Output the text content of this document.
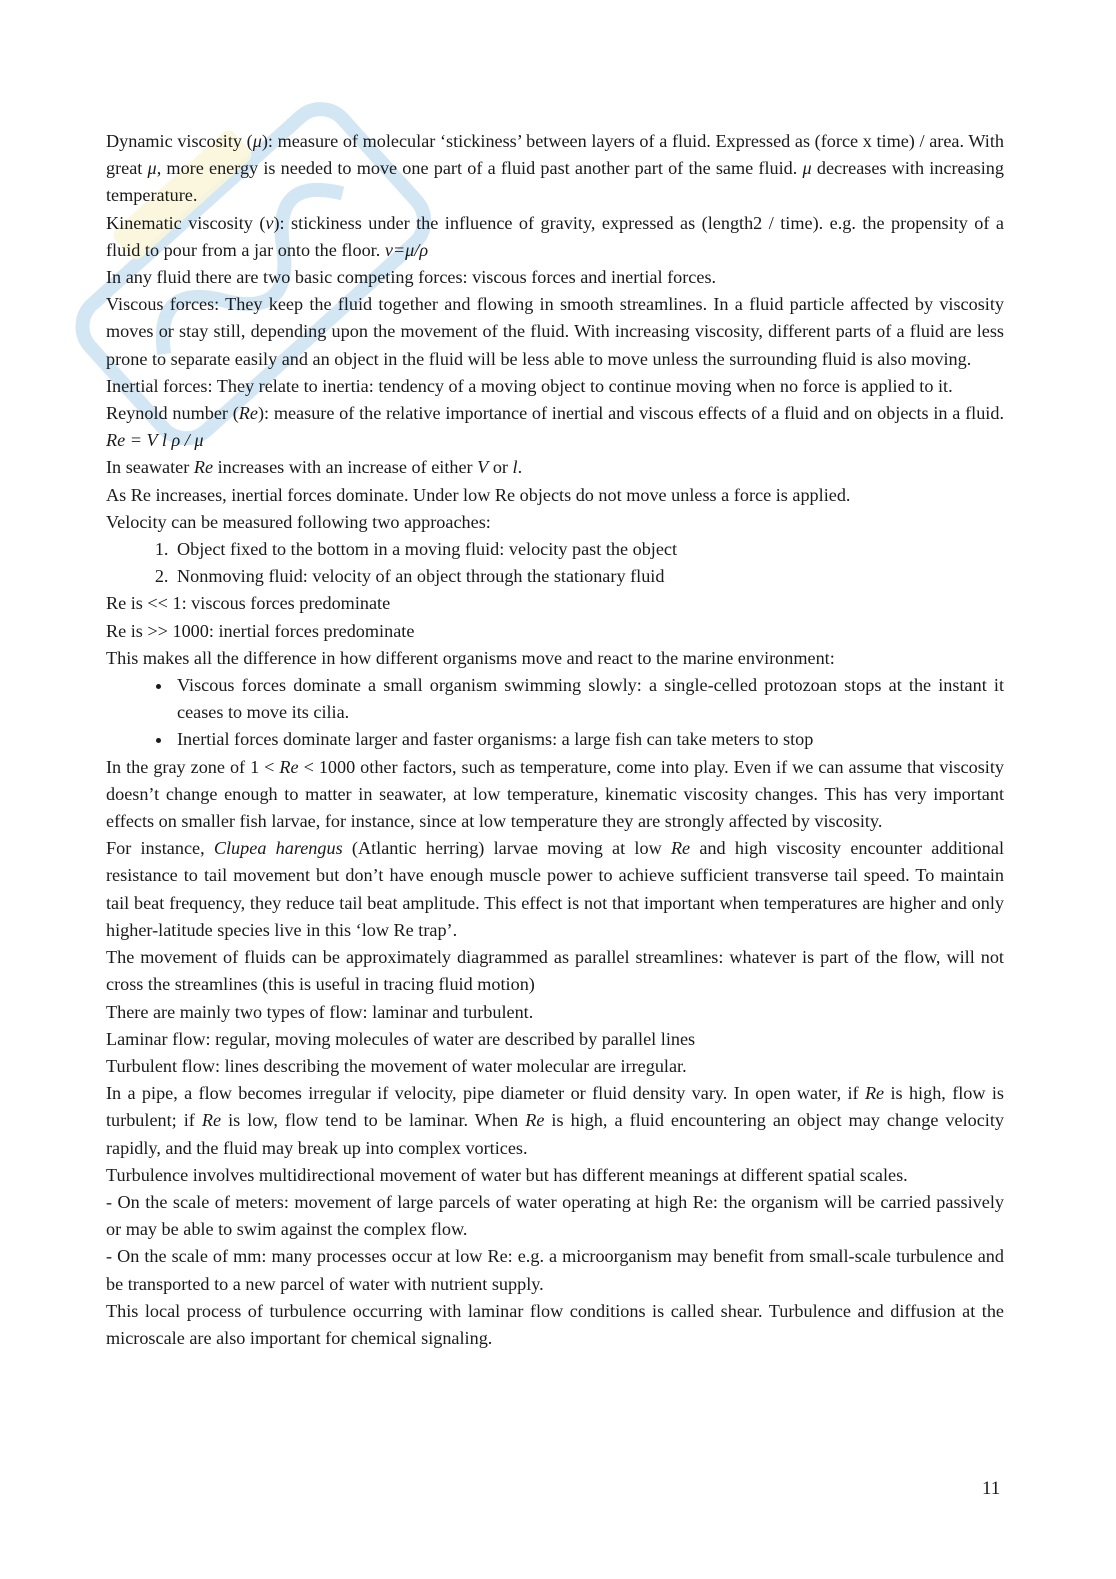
Dynamic viscosity (μ): measure of molecular ‘stickiness’ between layers of a fluid. Expressed as (force x time) / area. With great μ, more energy is needed to move one part of a fluid past another part of the same fluid. μ decreases with increasing temperature.

Kinematic viscosity (ν): stickiness under the influence of gravity, expressed as (length2 / time). e.g. the propensity of a fluid to pour from a jar onto the floor. ν=μ/ρ

In any fluid there are two basic competing forces: viscous forces and inertial forces.

Viscous forces: They keep the fluid together and flowing in smooth streamlines. In a fluid particle affected by viscosity moves or stay still, depending upon the movement of the fluid. With increasing viscosity, different parts of a fluid are less prone to separate easily and an object in the fluid will be less able to move unless the surrounding fluid is also moving.

Inertial forces: They relate to inertia: tendency of a moving object to continue moving when no force is applied to it.

Reynold number (Re): measure of the relative importance of inertial and viscous effects of a fluid and on objects in a fluid. Re = V l ρ / μ

In seawater Re increases with an increase of either V or l.

As Re increases, inertial forces dominate. Under low Re objects do not move unless a force is applied.

Velocity can be measured following two approaches:

1. Object fixed to the bottom in a moving fluid: velocity past the object
2. Nonmoving fluid: velocity of an object through the stationary fluid

Re is << 1: viscous forces predominate

Re is >> 1000: inertial forces predominate

This makes all the difference in how different organisms move and react to the marine environment:

• Viscous forces dominate a small organism swimming slowly: a single-celled protozoan stops at the instant it ceases to move its cilia.
• Inertial forces dominate larger and faster organisms: a large fish can take meters to stop

In the gray zone of 1 < Re < 1000 other factors, such as temperature, come into play. Even if we can assume that viscosity doesn’t change enough to matter in seawater, at low temperature, kinematic viscosity changes. This has very important effects on smaller fish larvae, for instance, since at low temperature they are strongly affected by viscosity.

For instance, Clupea harengus (Atlantic herring) larvae moving at low Re and high viscosity encounter additional resistance to tail movement but don’t have enough muscle power to achieve sufficient transverse tail speed. To maintain tail beat frequency, they reduce tail beat amplitude. This effect is not that important when temperatures are higher and only higher-latitude species live in this ‘low Re trap’.

The movement of fluids can be approximately diagrammed as parallel streamlines: whatever is part of the flow, will not cross the streamlines (this is useful in tracing fluid motion)

There are mainly two types of flow: laminar and turbulent.

Laminar flow: regular, moving molecules of water are described by parallel lines

Turbulent flow: lines describing the movement of water molecular are irregular.

In a pipe, a flow becomes irregular if velocity, pipe diameter or fluid density vary. In open water, if Re is high, flow is turbulent; if Re is low, flow tend to be laminar. When Re is high, a fluid encountering an object may change velocity rapidly, and the fluid may break up into complex vortices.

Turbulence involves multidirectional movement of water but has different meanings at different spatial scales.

- On the scale of meters: movement of large parcels of water operating at high Re: the organism will be carried passively or may be able to swim against the complex flow.

- On the scale of mm: many processes occur at low Re: e.g. a microorganism may benefit from small-scale turbulence and be transported to a new parcel of water with nutrient supply.

This local process of turbulence occurring with laminar flow conditions is called shear. Turbulence and diffusion at the microscale are also important for chemical signaling.

11
